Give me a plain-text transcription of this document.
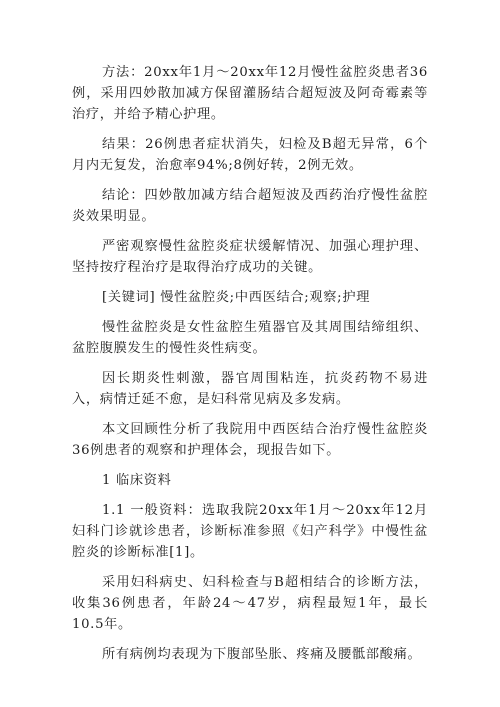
方法：20xx年1月～20xx年12月慢性盆腔炎患者36例，采用四妙散加减方保留灌肠结合超短波及阿奇霉素等治疗，并给予精心护理。

结果：26例患者症状消失，妇检及B超无异常，6个月内无复发，治愈率94%;8例好转，2例无效。

结论：四妙散加减方结合超短波及西药治疗慢性盆腔炎效果明显。

严密观察慢性盆腔炎症状缓解情况、加强心理护理、坚持按疗程治疗是取得治疗成功的关键。

[关键词] 慢性盆腔炎;中西医结合;观察;护理

慢性盆腔炎是女性盆腔生殖器官及其周围结缔组织、盆腔腹膜发生的慢性炎性病变。

因长期炎性刺激，器官周围粘连，抗炎药物不易进入，病情迁延不愈，是妇科常见病及多发病。

本文回顾性分析了我院用中西医结合治疗慢性盆腔炎36例患者的观察和护理体会，现报告如下。

1 临床资料

1.1 一般资料：选取我院20xx年1月～20xx年12月妇科门诊就诊患者，诊断标准参照《妇产科学》中慢性盆腔炎的诊断标准[1]。

采用妇科病史、妇科检查与B超相结合的诊断方法，收集36例患者，年龄24～47岁，病程最短1年，最长10.5年。

所有病例均表现为下腹部坠胀、疼痛及腰骶部酸痛。
